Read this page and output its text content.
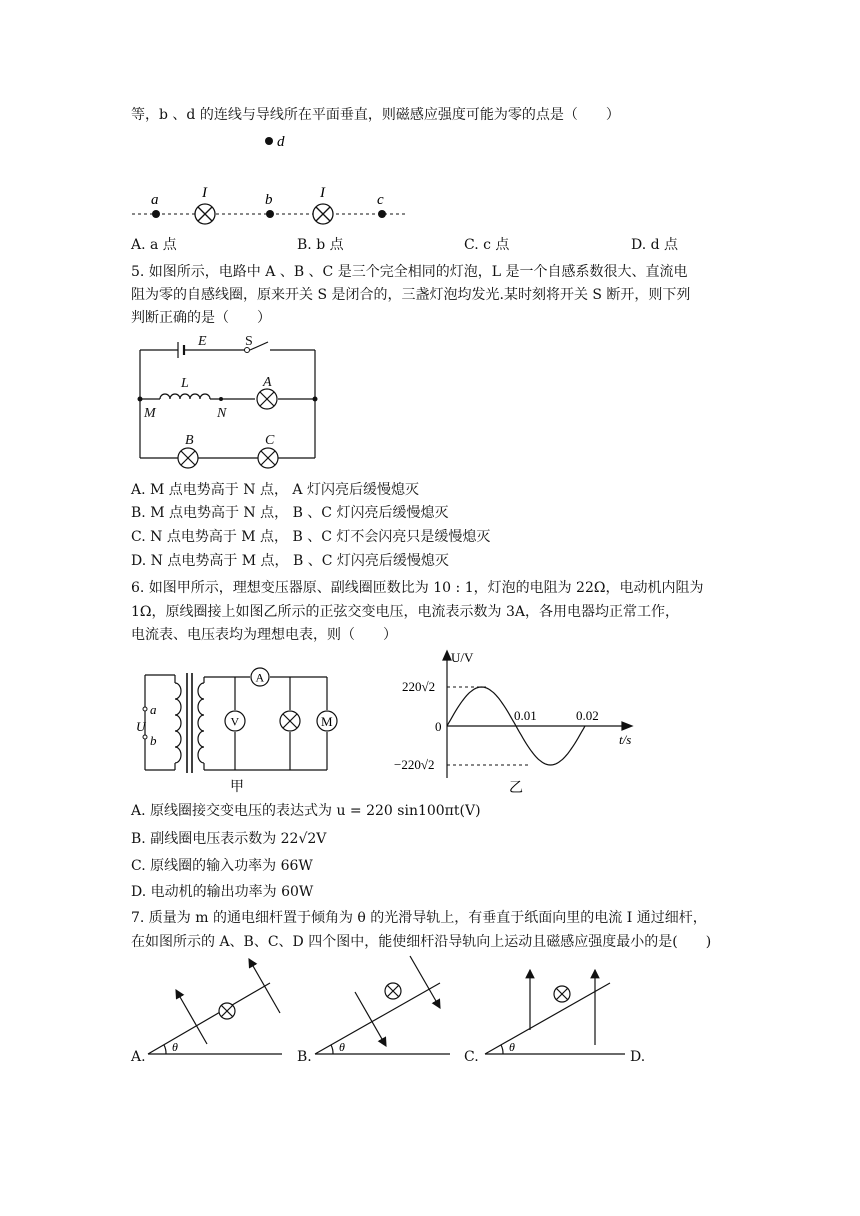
等，b 、d 的连线与导线所在平面垂直，则磁感应强度可能为零的点是（　　）
d
a	I	b	I	c
A. a 点	B. b 点	C. c 点	D. d 点
5. 如图所示，电路中 A 、B 、C 是三个完全相同的灯泡，L 是一个自感系数很大、直流电
阻为零的自感线圈，原来开关 S 是闭合的，三盏灯泡均发光.某时刻将开关 S 断开，则下列
判断正确的是（　　）
E	S
L	A
M	N
B	C
A. M 点电势高于 N 点， A 灯闪亮后缓慢熄灭
B. M 点电势高于 N 点， B 、C 灯闪亮后缓慢熄灭
C. N 点电势高于 M 点， B 、C 灯不会闪亮只是缓慢熄灭
D. N 点电势高于 M 点， B 、C 灯闪亮后缓慢熄灭
6. 如图甲所示，理想变压器原、副线圈匝数比为 10 : 1，灯泡的电阻为 22Ω，电动机内阻为
1Ω，原线圈接上如图乙所示的正弦交变电压，电流表示数为 3A，各用电器均正常工作，
电流表、电压表均为理想电表，则（　　）
A
V	M
a
U
b
甲
U/V
t/s
220√2
0
−220√2
0.01	0.02
乙
A. 原线圈接交变电压的表达式为 u = 220 sin100πt(V)
B. 副线圈电压表示数为 22√2V
C. 原线圈的输入功率为 66W
D. 电动机的输出功率为 60W
7. 质量为 m 的通电细杆置于倾角为 θ 的光滑导轨上，有垂直于纸面向里的电流 I 通过细杆，
在如图所示的 A、B、C、D 四个图中，能使细杆沿导轨向上运动且磁感应强度最小的是(　　)
θ	θ	θ
A.	B.	C.	D.
